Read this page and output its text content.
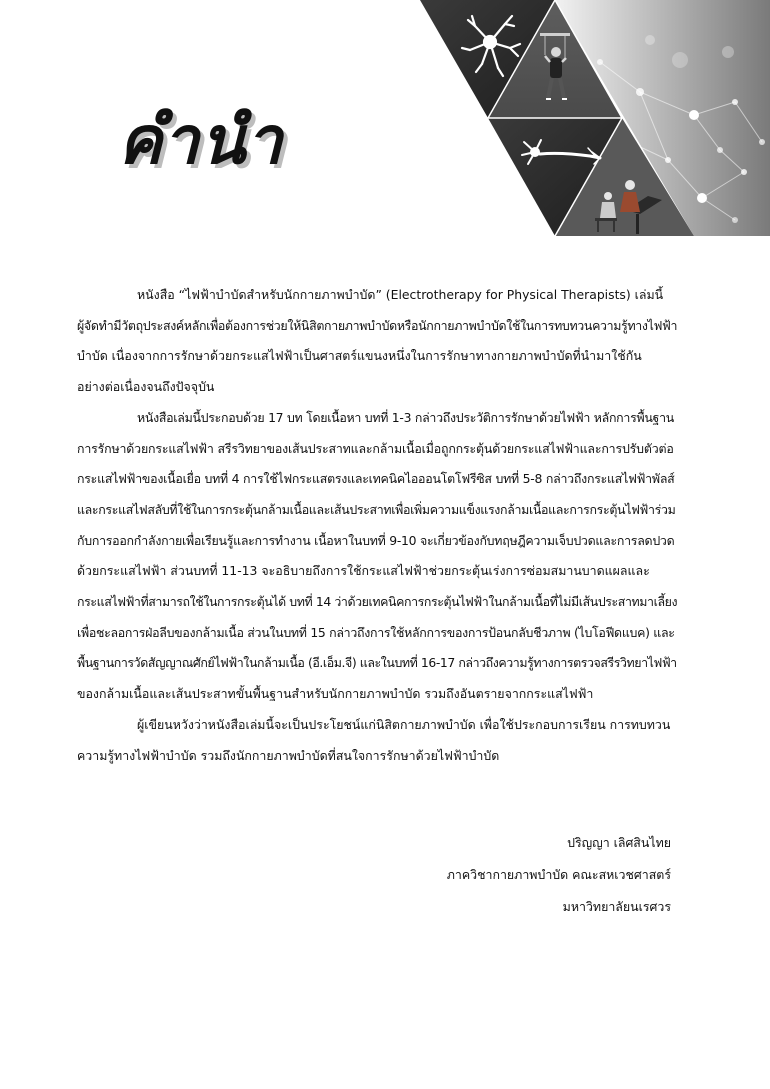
คำนำ

หนังสือ “ไฟฟ้าบำบัดสำหรับนักกายภาพบำบัด” (Electrotherapy for Physical Therapists) เล่มนี้
ผู้จัดทำมีวัตถุประสงค์หลักเพื่อต้องการช่วยให้นิสิตกายภาพบำบัดหรือนักกายภาพบำบัดใช้ในการทบทวนความรู้ทางไฟฟ้า
บำบัด เนื่องจากการรักษาด้วยกระแสไฟฟ้าเป็นศาสตร์แขนงหนึ่งในการรักษาทางกายภาพบำบัดที่นำมาใช้กัน
อย่างต่อเนื่องจนถึงปัจจุบัน

หนังสือเล่มนี้ประกอบด้วย 17 บท โดยเนื้อหา บทที่ 1-3 กล่าวถึงประวัติการรักษาด้วยไฟฟ้า หลักการพื้นฐาน
การรักษาด้วยกระแสไฟฟ้า สรีรวิทยาของเส้นประสาทและกล้ามเนื้อเมื่อถูกกระตุ้นด้วยกระแสไฟฟ้าและการปรับตัวต่อ
กระแสไฟฟ้าของเนื้อเยื่อ บทที่ 4 การใช้ไฟกระแสตรงและเทคนิคไอออนโตโฟรีซิส บทที่ 5-8 กล่าวถึงกระแสไฟฟ้าพัลส์
และกระแสไฟสลับที่ใช้ในการกระตุ้นกล้ามเนื้อและเส้นประสาทเพื่อเพิ่มความแข็งแรงกล้ามเนื้อและการกระตุ้นไฟฟ้าร่วม
กับการออกกำลังกายเพื่อเรียนรู้และการทำงาน เนื้อหาในบทที่ 9-10 จะเกี่ยวข้องกับทฤษฎีความเจ็บปวดและการลดปวด
ด้วยกระแสไฟฟ้า ส่วนบทที่ 11-13 จะอธิบายถึงการใช้กระแสไฟฟ้าช่วยกระตุ้นเร่งการซ่อมสมานบาดแผลและ
กระแสไฟฟ้าที่สามารถใช้ในการกระตุ้นได้ บทที่ 14 ว่าด้วยเทคนิคการกระตุ้นไฟฟ้าในกล้ามเนื้อที่ไม่มีเส้นประสาทมาเลี้ยง
เพื่อชะลอการฝ่อลีบของกล้ามเนื้อ ส่วนในบทที่ 15 กล่าวถึงการใช้หลักการของการป้อนกลับชีวภาพ (ไบโอฟีดแบค) และ
พื้นฐานการวัดสัญญาณศักย์ไฟฟ้าในกล้ามเนื้อ (อี.เอ็ม.จี) และในบทที่ 16-17 กล่าวถึงความรู้ทางการตรวจสรีรวิทยาไฟฟ้า
ของกล้ามเนื้อและเส้นประสาทขั้นพื้นฐานสำหรับนักกายภาพบำบัด รวมถึงอันตรายจากกระแสไฟฟ้า

ผู้เขียนหวังว่าหนังสือเล่มนี้จะเป็นประโยชน์แก่นิสิตกายภาพบำบัด เพื่อใช้ประกอบการเรียน การทบทวน
ความรู้ทางไฟฟ้าบำบัด รวมถึงนักกายภาพบำบัดที่สนใจการรักษาด้วยไฟฟ้าบำบัด

ปริญญา เลิศสินไทย
ภาควิชากายภาพบำบัด คณะสหเวชศาสตร์
มหาวิทยาลัยนเรศวร
